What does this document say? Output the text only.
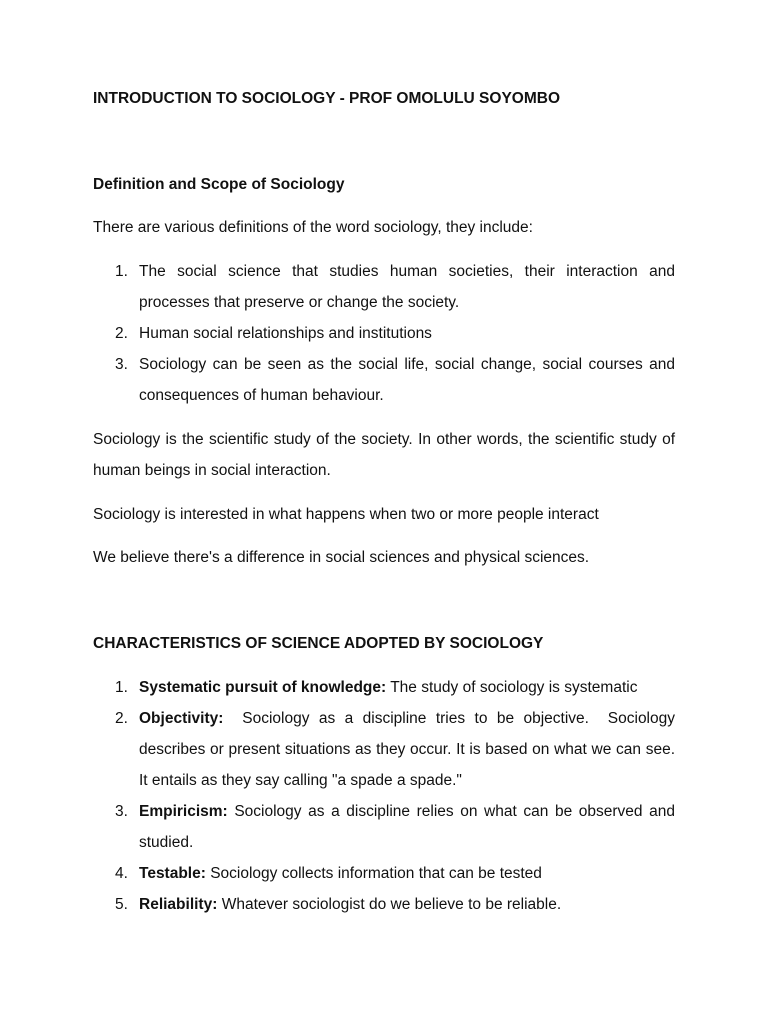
INTRODUCTION TO SOCIOLOGY - PROF OMOLULU SOYOMBO

Definition and Scope of Sociology

There are various definitions of the word sociology, they include:

1. The social science that studies human societies, their interaction and processes that preserve or change the society.
2. Human social relationships and institutions
3. Sociology can be seen as the social life, social change, social courses and consequences of human behaviour.

Sociology is the scientific study of the society. In other words, the scientific study of human beings in social interaction.

Sociology is interested in what happens when two or more people interact

We believe there's a difference in social sciences and physical sciences.

CHARACTERISTICS OF SCIENCE ADOPTED BY SOCIOLOGY

1. Systematic pursuit of knowledge: The study of sociology is systematic
2. Objectivity:  Sociology as a discipline tries to be objective.  Sociology describes or present situations as they occur. It is based on what we can see. It entails as they say calling "a spade a spade."
3. Empiricism: Sociology as a discipline relies on what can be observed and studied.
4. Testable: Sociology collects information that can be tested
5. Reliability: Whatever sociologist do we believe to be reliable.
